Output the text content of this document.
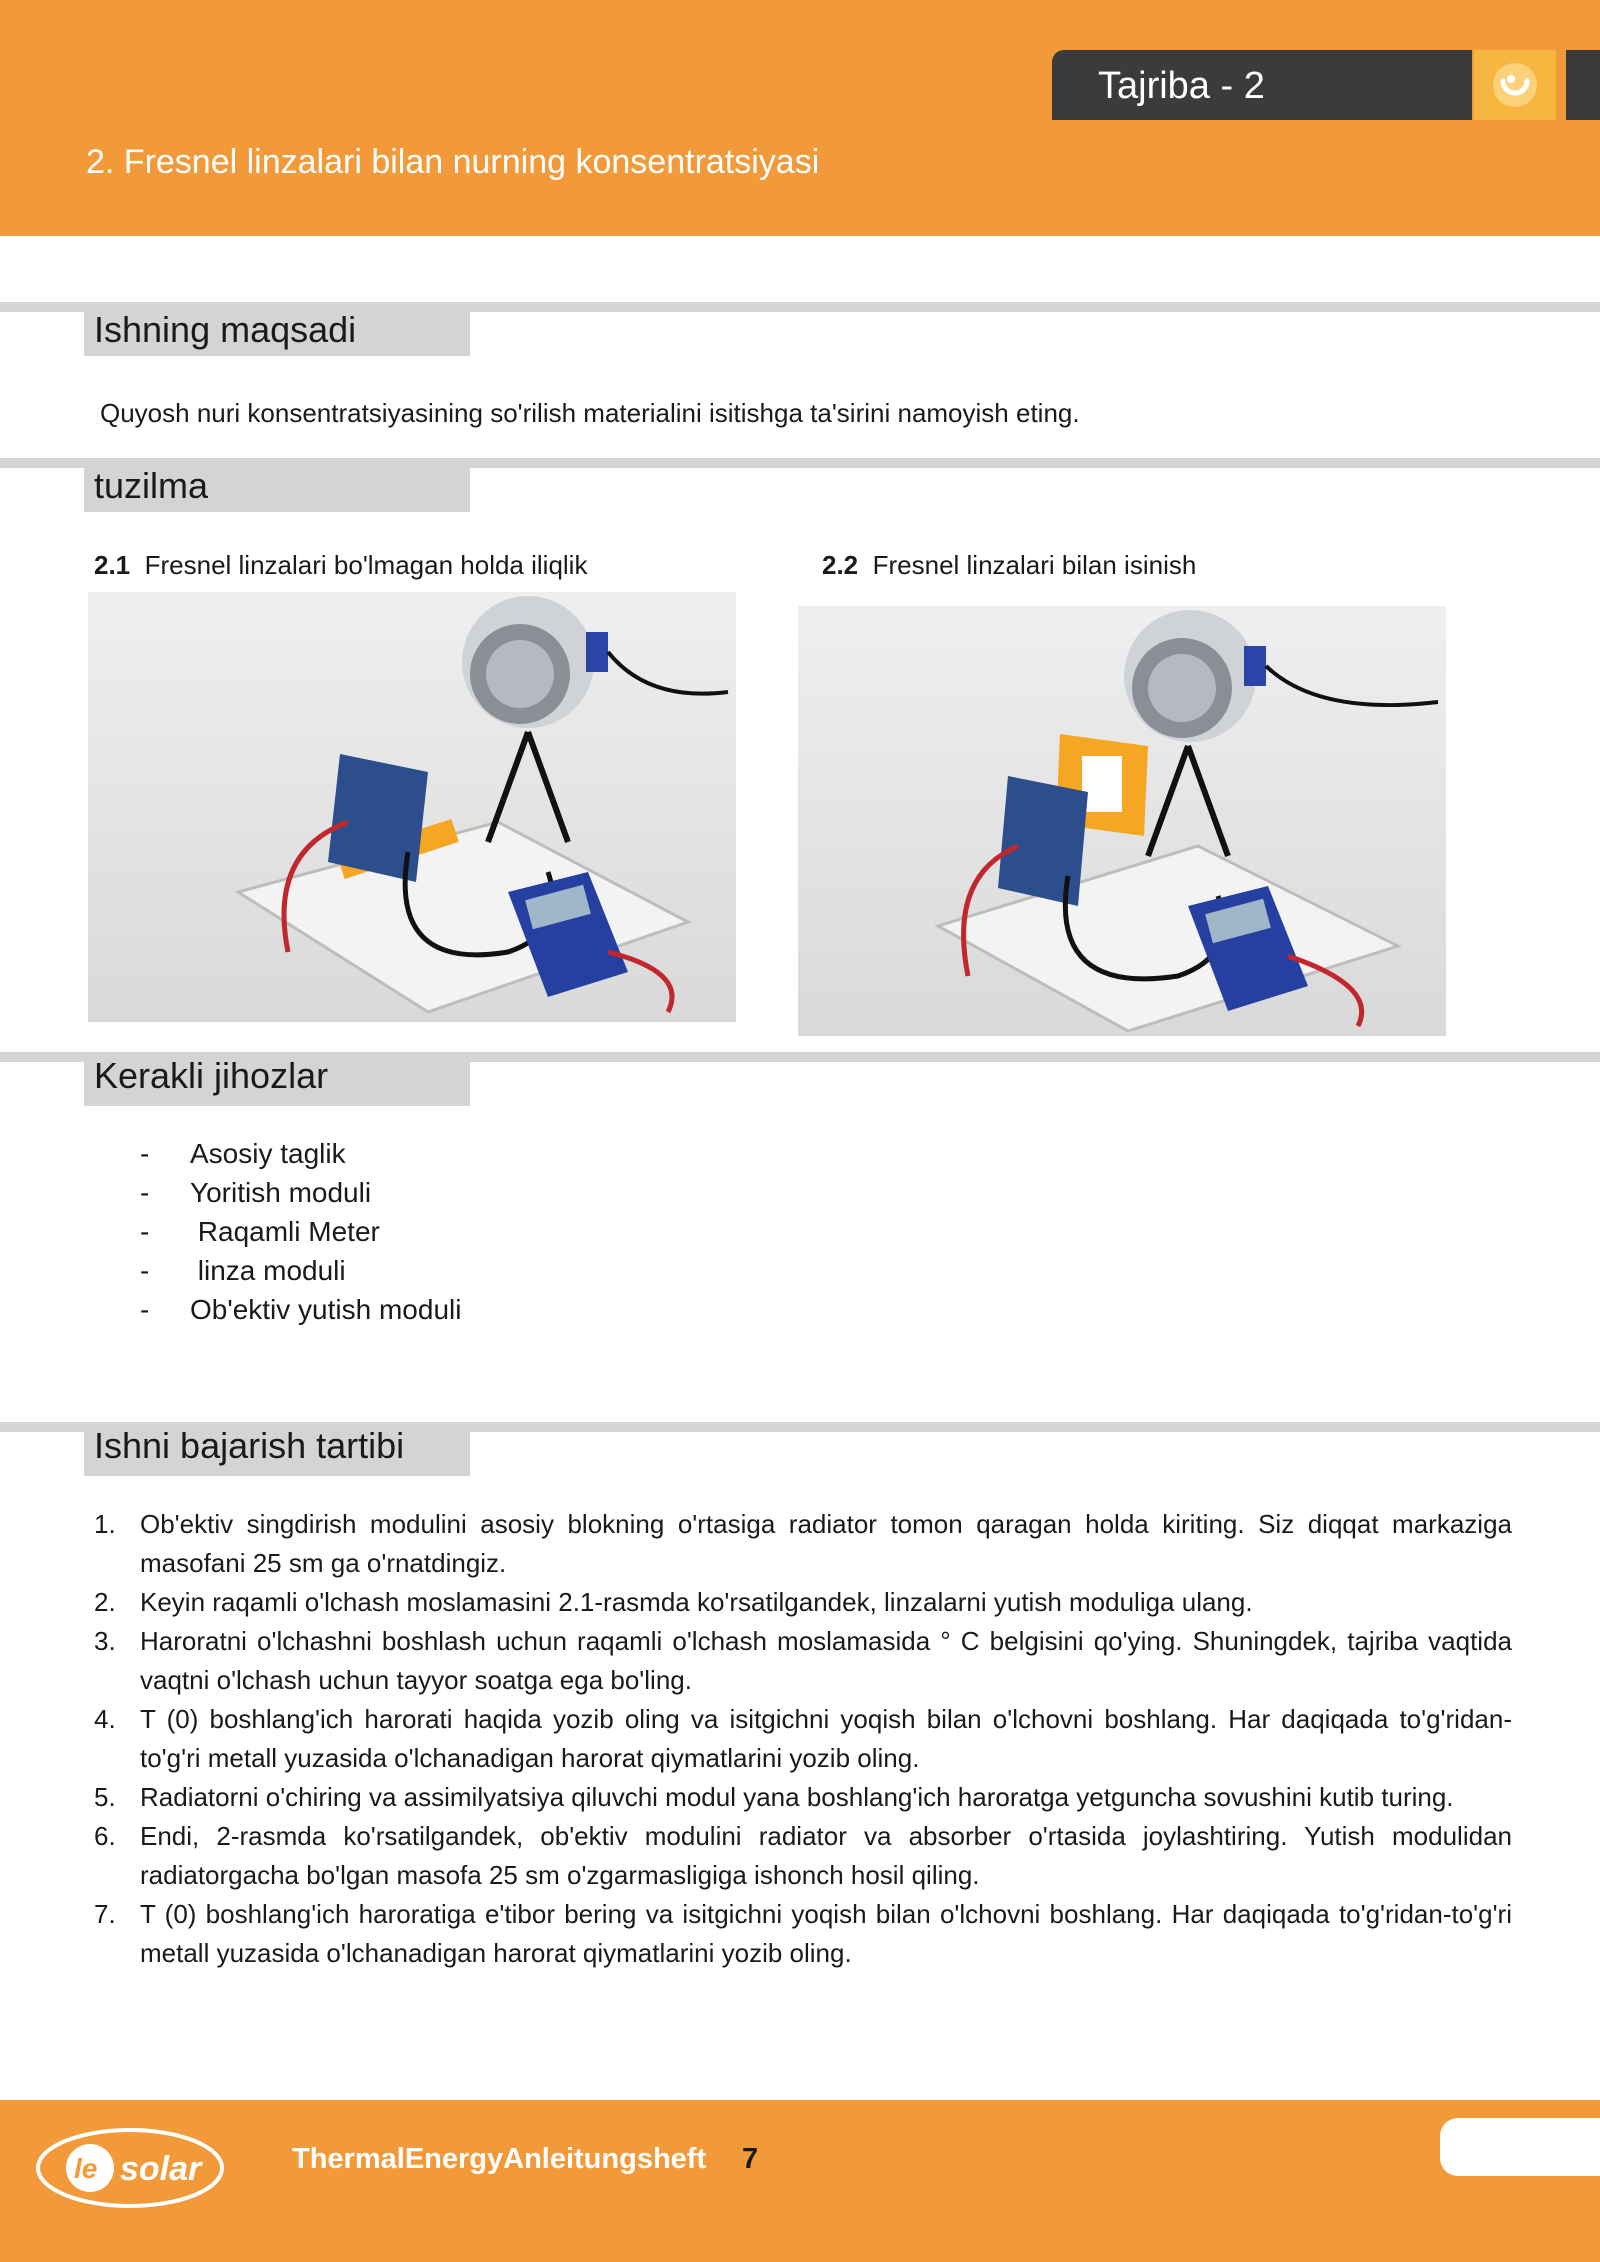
Tajriba - 2
2. Fresnel linzalari bilan nurning konsentratsiyasi
Ishning maqsadi
Quyosh nuri konsentratsiyasining so'rilish materialini isitishga ta'sirini namoyish eting.
tuzilma
2.1 Fresnel linzalari bo'lmagan holda iliqlik	2.2 Fresnel linzalari bilan isinish
Kerakli jihozlar
- Asosiy taglik
- Yoritish moduli
- Raqamli Meter
- linza moduli
- Ob'ektiv yutish moduli
Ishni bajarish tartibi
1. Ob'ektiv singdirish modulini asosiy blokning o'rtasiga radiator tomon qaragan holda kiriting. Siz diqqat markaziga masofani 25 sm ga o'rnatdingiz.
2. Keyin raqamli o'lchash moslamasini 2.1-rasmda ko'rsatilgandek, linzalarni yutish moduliga ulang.
3. Haroratni o'lchashni boshlash uchun raqamli o'lchash moslamasida ° C belgisini qo'ying. Shuningdek, tajriba vaqtida vaqtni o'lchash uchun tayyor soatga ega bo'ling.
4. T (0) boshlang'ich harorati haqida yozib oling va isitgichni yoqish bilan o'lchovni boshlang. Har daqiqada to'g'ridan-to'g'ri metall yuzasida o'lchanadigan harorat qiymatlarini yozib oling.
5. Radiatorni o'chiring va assimilyatsiya qiluvchi modul yana boshlang'ich haroratga yetguncha sovushini kutib turing.
6. Endi, 2-rasmda ko'rsatilgandek, ob'ektiv modulini radiator va absorber o'rtasida joylashtiring. Yutish modulidan radiatorgacha bo'lgan masofa 25 sm o'zgarmasligiga ishonch hosil qiling.
7. T (0) boshlang'ich haroratiga e'tibor bering va isitgichni yoqish bilan o'lchovni boshlang. Har daqiqada to'g'ridan-to'g'ri metall yuzasida o'lchanadigan harorat qiymatlarini yozib oling.
le solar	ThermalEnergyAnleitungsheft 7
